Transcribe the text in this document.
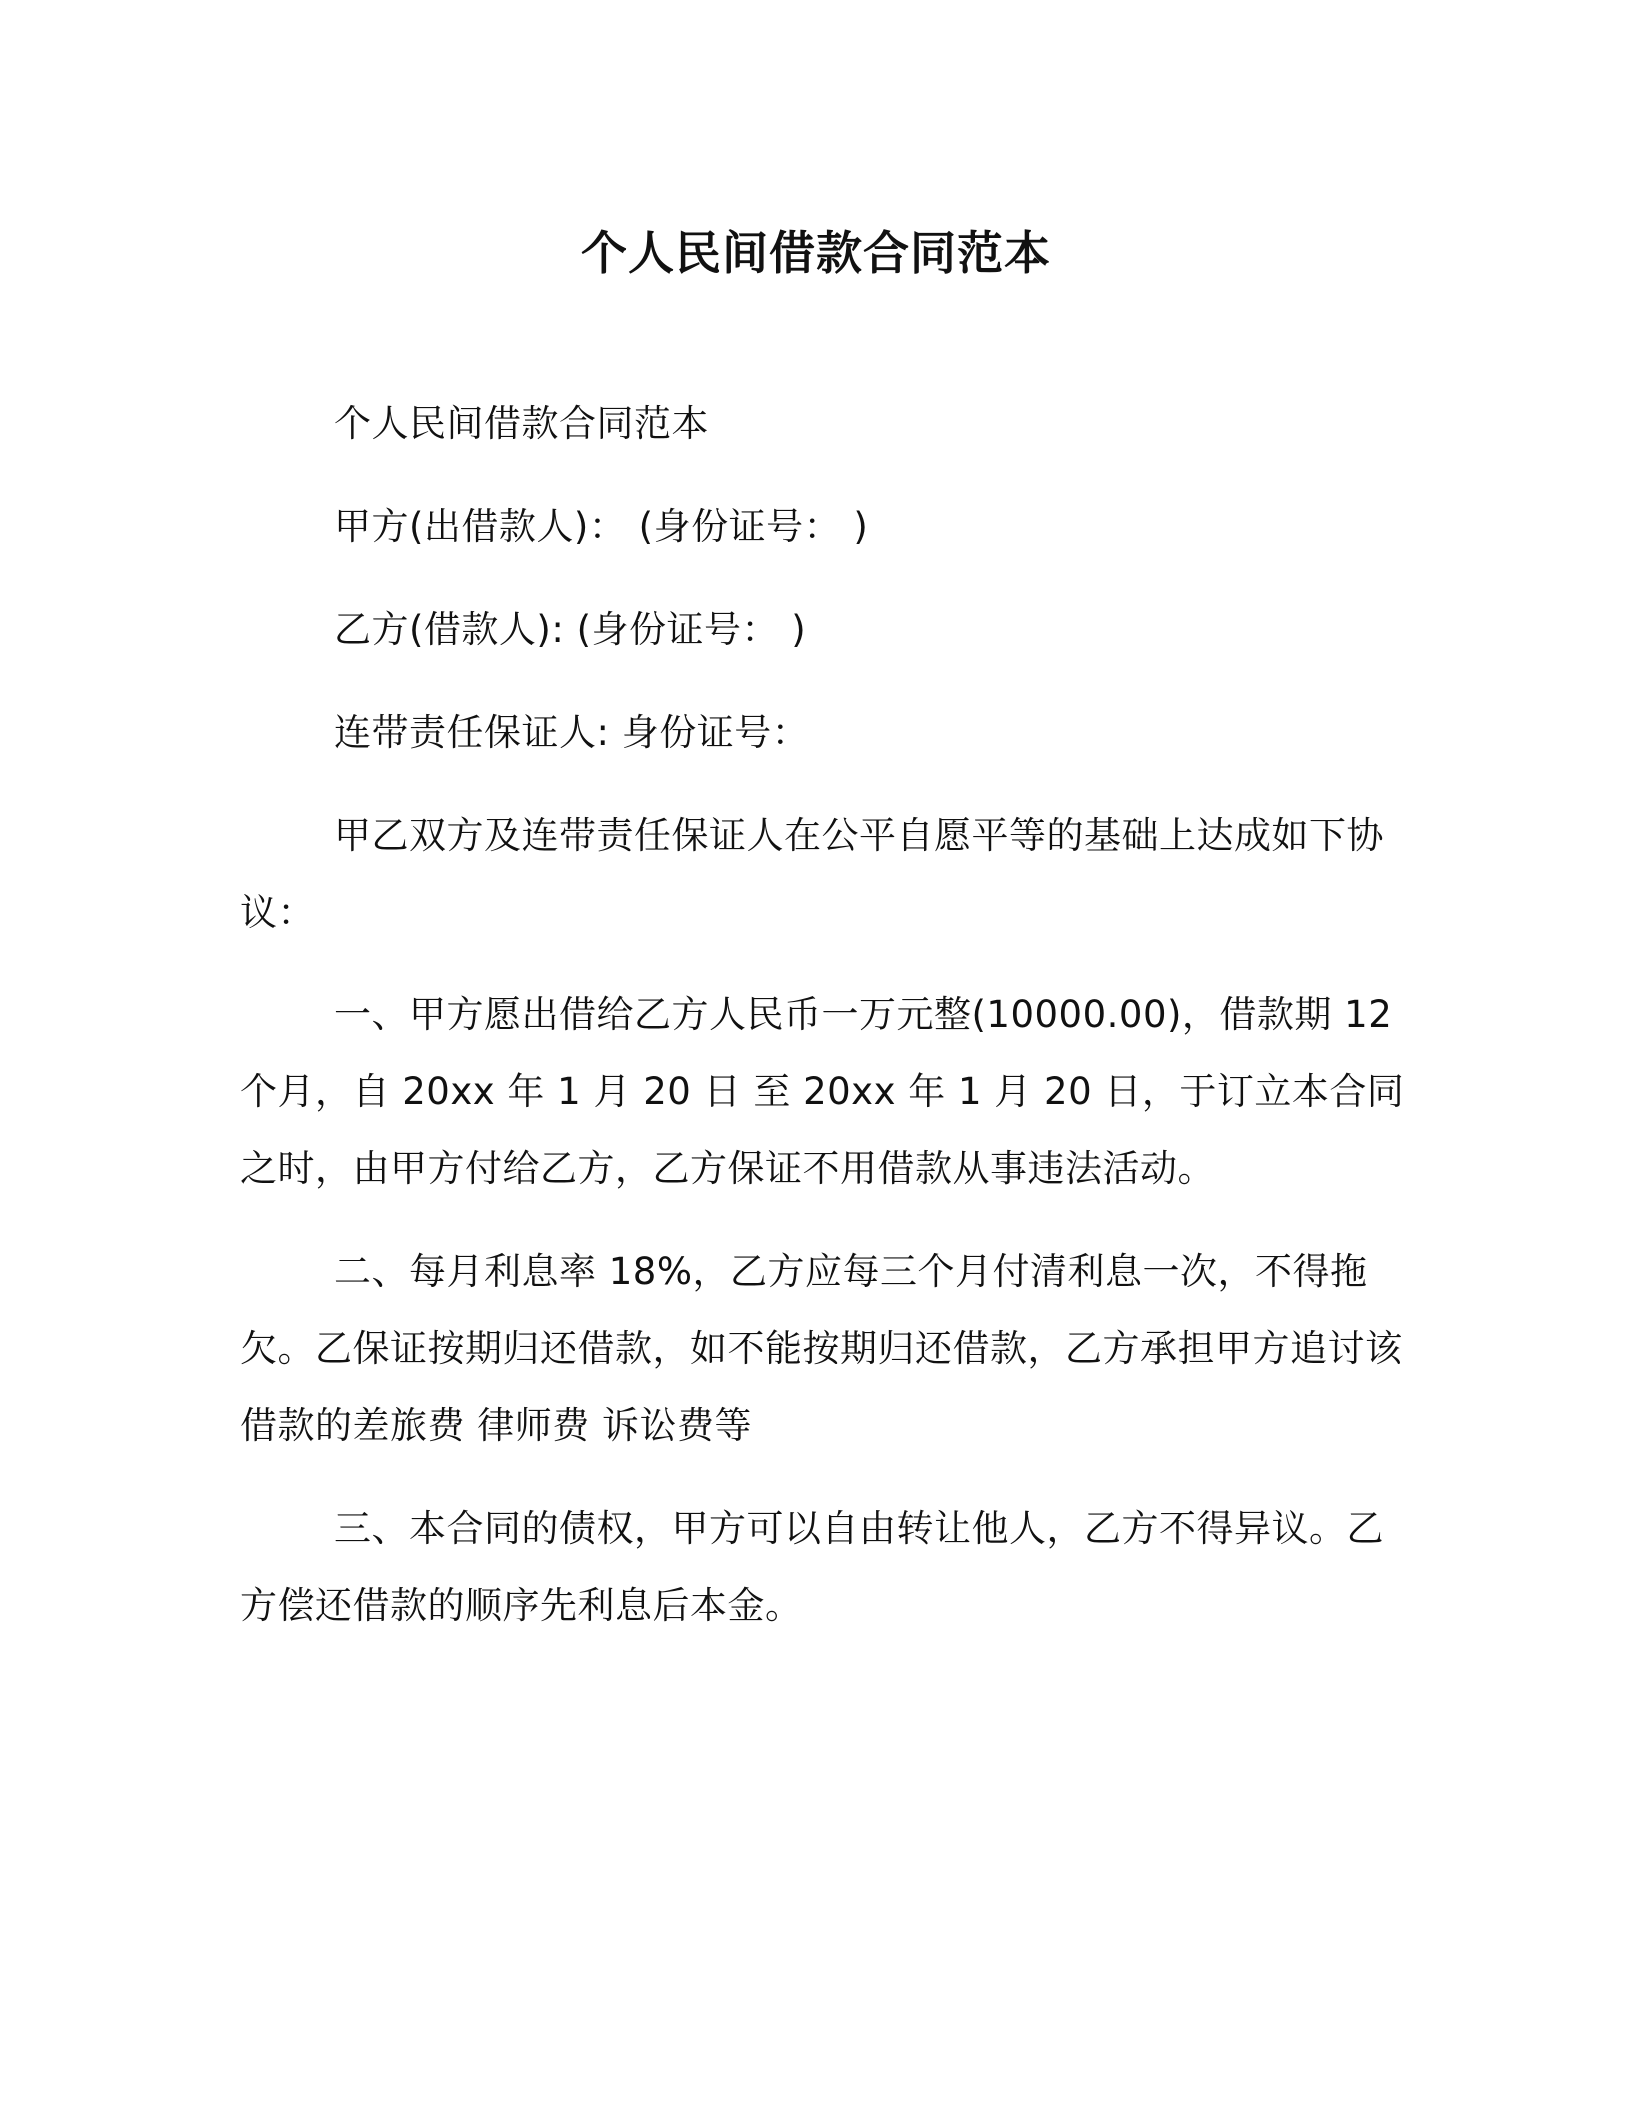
个人民间借款合同范本

个人民间借款合同范本

甲方(出借款人)： (身份证号： )

乙方(借款人): (身份证号： )

连带责任保证人: 身份证号：

甲乙双方及连带责任保证人在公平自愿平等的基础上达成如下协议：

一、甲方愿出借给乙方人民币一万元整(10000.00)，借款期 12 个月，自 20xx 年 1 月 20 日 至 20xx 年 1 月 20 日，于订立本合同之时，由甲方付给乙方，乙方保证不用借款从事违法活动。

二、每月利息率 18%，乙方应每三个月付清利息一次，不得拖欠。乙保证按期归还借款，如不能按期归还借款，乙方承担甲方追讨该借款的差旅费 律师费 诉讼费等

三、本合同的债权，甲方可以自由转让他人，乙方不得异议。乙方偿还借款的顺序先利息后本金。
